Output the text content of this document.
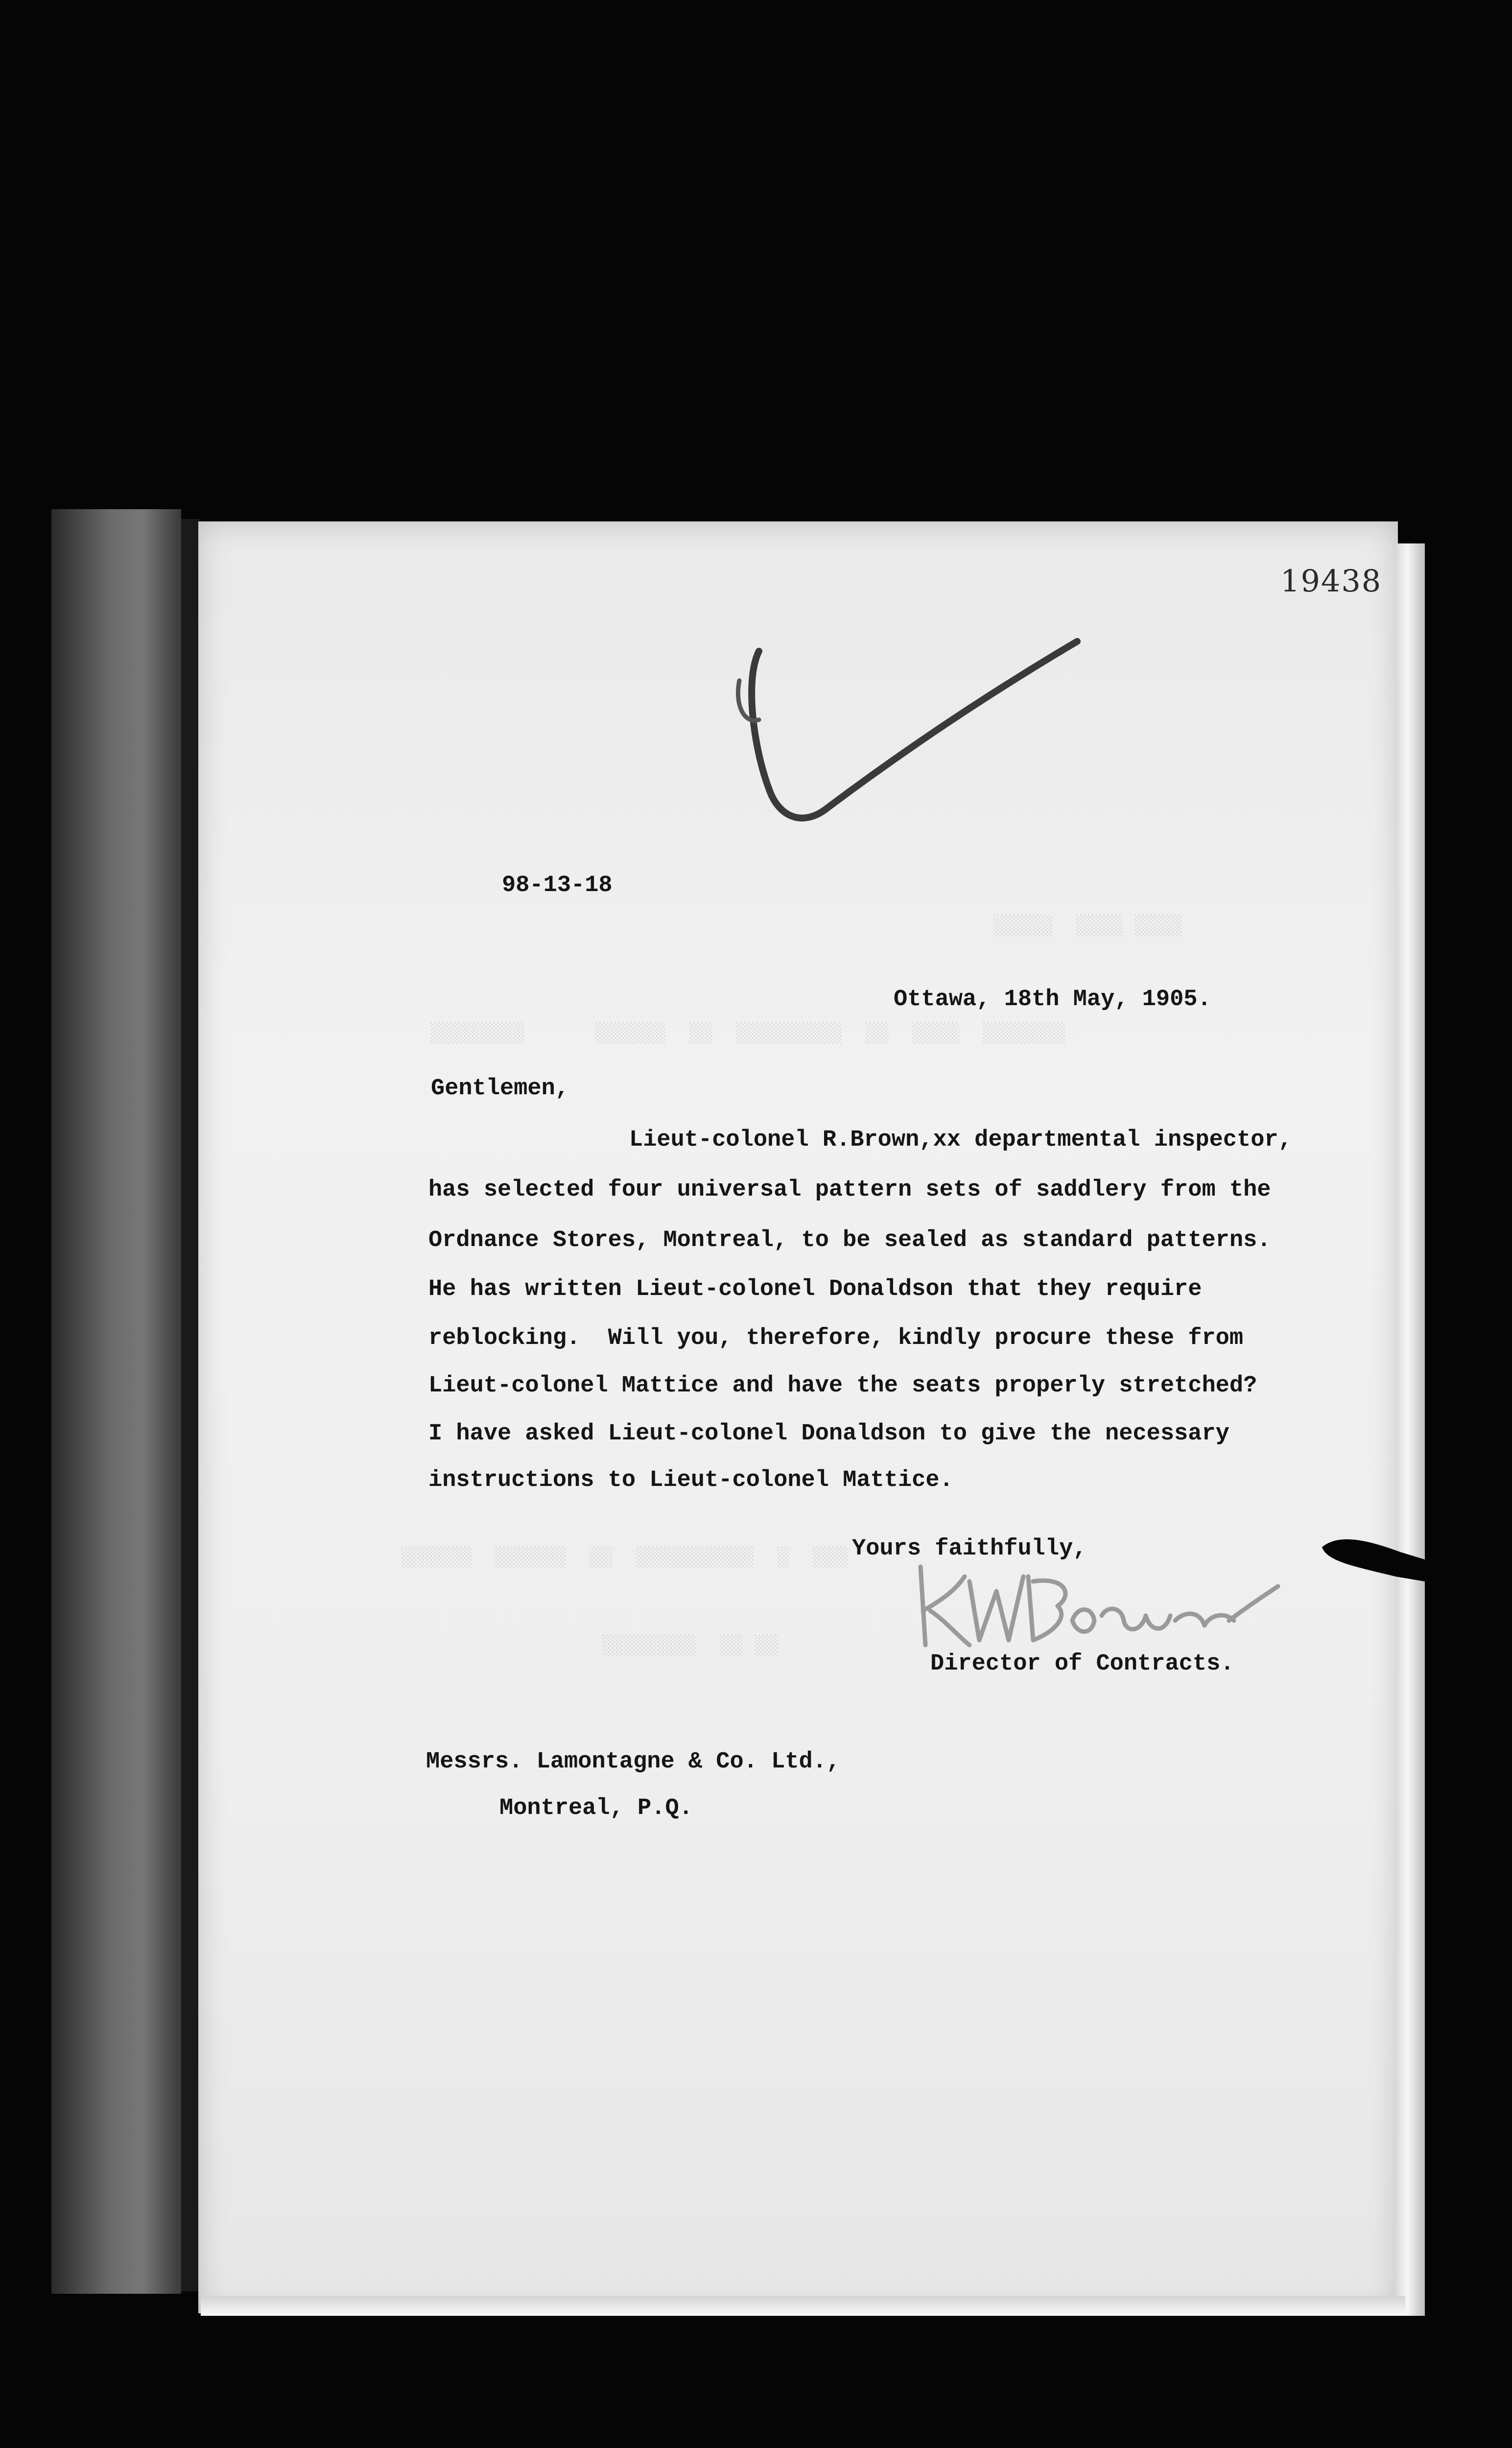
19438
░░░░░  ░░░░ ░░░░
░░░░░░░░      ░░░░░░  ░░  ░░░░░░░░░  ░░  ░░░░  ░░░░░░░
░░░░░░  ░░░░░░  ░░  ░░░░░░░░░░  ░  ░░░
░░░░░░░░  ░░ ░░
98-13-18
Ottawa, 18th May, 1905.
Gentlemen,
Lieut-colonel R.Brown,xx departmental inspector,
has selected four universal pattern sets of saddlery from the
Ordnance Stores, Montreal, to be sealed as standard patterns.
He has written Lieut-colonel Donaldson that they require
reblocking.  Will you, therefore, kindly procure these from
Lieut-colonel Mattice and have the seats properly stretched?
I have asked Lieut-colonel Donaldson to give the necessary
instructions to Lieut-colonel Mattice.
Yours faithfully,
Director of Contracts.
Messrs. Lamontagne & Co. Ltd.,
Montreal, P.Q.
